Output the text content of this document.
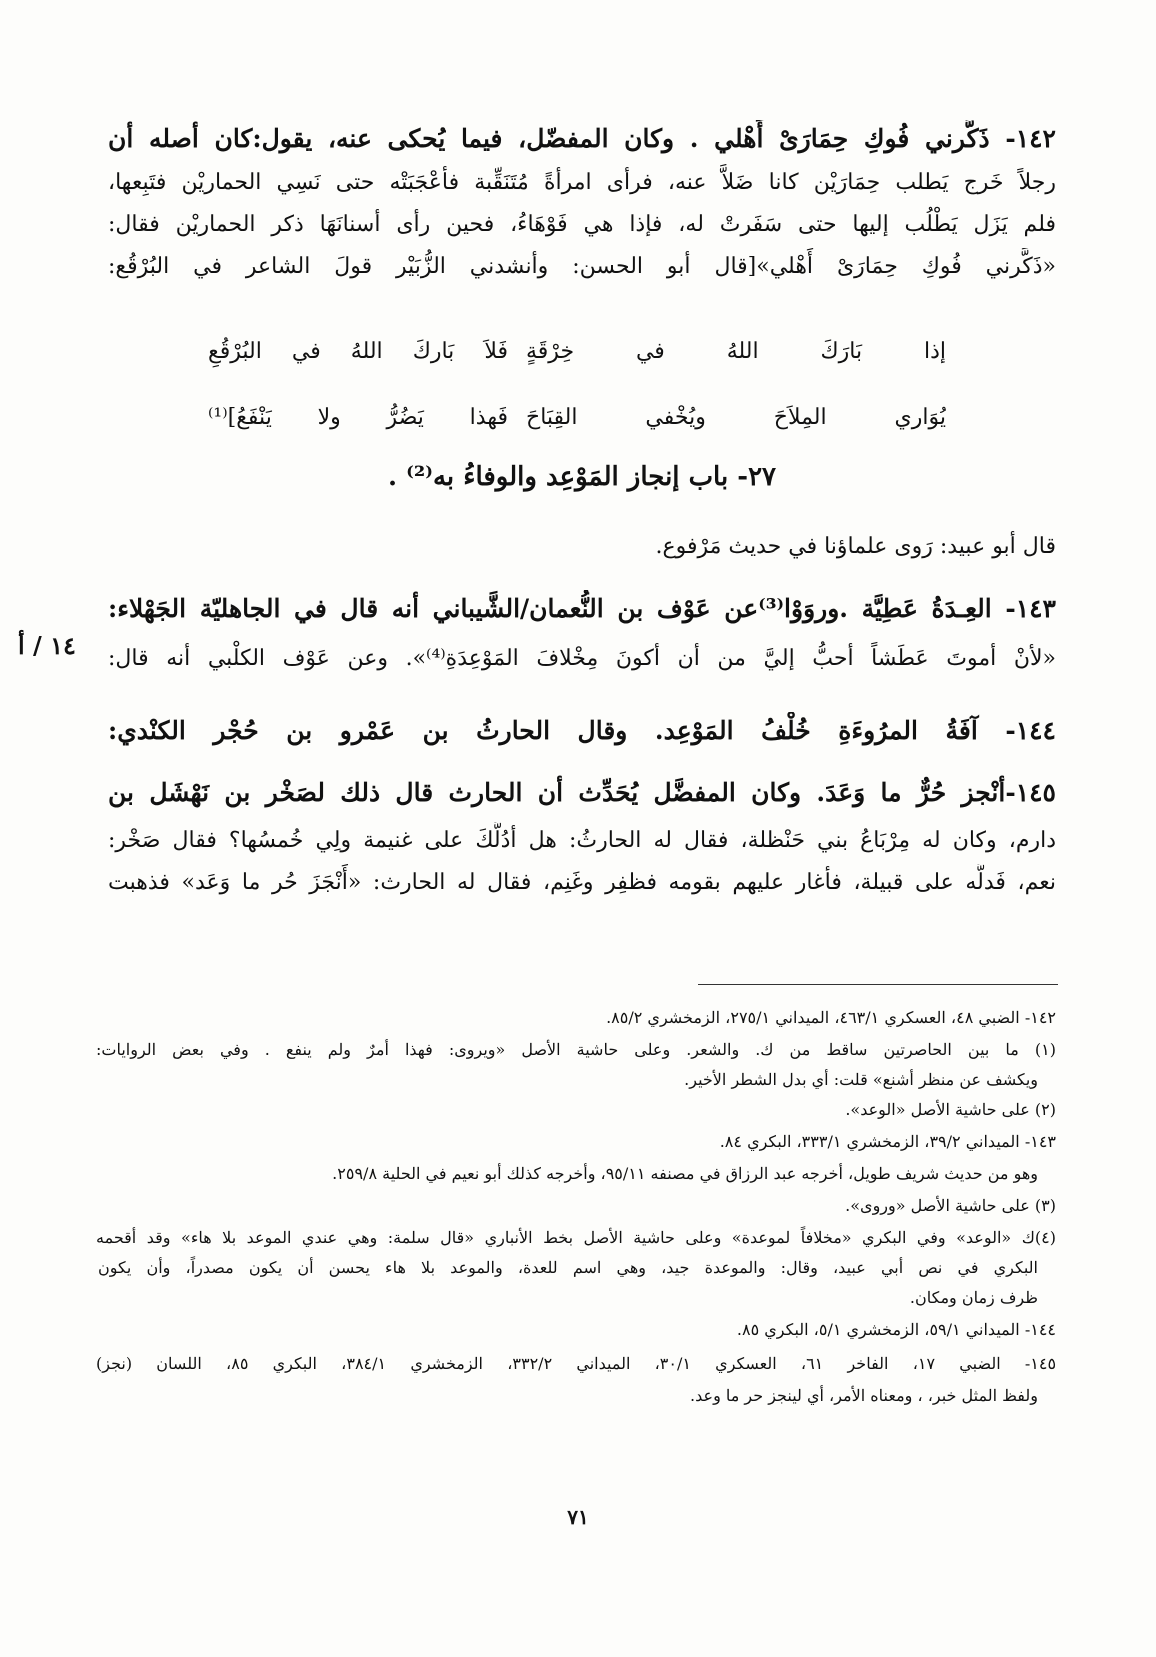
١٤٢- ذَكَّرني فُوكِ حِمَارَىْ أَهْلي . وكان المفضّل، فيما يُحكى عنه، يقول:كان أصله أن
رجلاً خَرج يَطلب حِمَارَيْن كانا ضَلاَّ عنه، فرأى امرأةً مُتَنَقِّبة فأعْجَبَتْه حتى نَسِي الحماريْن فتَبِعها،
فلم يَزَل يَطْلُب إليها حتى سَفَرتْ له، فإذا هي فَوْهَاءُ، فحين رأى أسنانَهَا ذكر الحماريْن فقال:
«ذَكَّرني فُوكِ حِمَارَىْ أَهْلي»[قال أبو الحسن: وأنشدني الزُّبَيْر قولَ الشاعر في البُرْقُع:
إذا بَارَكَ اللهُ في خِرْقَةٍ
فَلاَ بَاركَ اللهُ في البُرْقُعِ
يُوَاري المِلاَحَ ويُخْفي القِبَاحَ
فَهذا يَضُرُّ ولا يَنْفَعُ]⁽¹⁾
٢٧- باب إنجاز المَوْعِد والوفاءُ به⁽²⁾ .
قال أبو عبيد: رَوى علماؤنا في حديث مَرْفوع.
١٤٣- العِـدَةُ عَطِيَّة .وروَوْا⁽³⁾عن عَوْف بن النُّعمان/الشَّيباني أنه قال في الجاهليّة الجَهْلاء:
«لأنْ أموتَ عَطَشاً أحبُّ إليَّ من أن أكونَ مِخْلافَ المَوْعِدَةِ⁽⁴⁾». وعن عَوْف الكلْبي أنه قال:
١٤٤- آفَةُ المرُوءَةِ خُلْفُ المَوْعِد. وقال الحارثُ بن عَمْرو بن حُجْر الكنْدي:
١٤٥-أنْجز حُرٌّ ما وَعَدَ. وكان المفضَّل يُحَدِّث أن الحارث قال ذلك لصَخْر بن نَهْشَل بن
دارم، وكان له مِرْبَاعُ بني حَنْظلة، فقال له الحارثُ: هل أدُلُّكَ على غنيمة ولِي خُمسُها؟ فقال صَخْر:
نعم، فَدلَّه على قبيلة، فأغار عليهم بقومه فظفِر وغَنِم، فقال له الحارث: «أَنْجَزَ حُر ما وَعَد» فذهبت
١٤ / أ
١٤٢- الضبي ٤٨، العسكري ٤٦٣/١، الميداني ٢٧٥/١، الزمخشري ٨٥/٢.
(١) ما بين الحاصرتين ساقط من ك. والشعر. وعلى حاشية الأصل «ويروى: فهذا أمرٌ ولم ينفع . وفي بعض الروايات:
ويكشف عن منظر أشنع» قلت: أي بدل الشطر الأخير.
(٢) على حاشية الأصل «الوعد».
١٤٣- الميداني ٣٩/٢، الزمخشري ٣٣٣/١، البكري ٨٤.
وهو من حديث شريف طويل، أخرجه عبد الرزاق في مصنفه ٩٥/١١، وأخرجه كذلك أبو نعيم في الحلية ٢٥٩/٨.
(٣) على حاشية الأصل «وروى».
(٤)ك «الوعد» وفي البكري «مخلافاً لموعدة» وعلى حاشية الأصل بخط الأنباري «قال سلمة: وهي عندي الموعد بلا هاء» وقد أقحمه
البكري في نص أبي عبيد، وقال: والموعدة جيد، وهي اسم للعدة، والموعد بلا هاء يحسن أن يكون مصدراً، وأن يكون
ظرف زمان ومكان.
١٤٤- الميداني ٥٩/١، الزمخشري ٥/١، البكري ٨٥.
١٤٥- الضبي ١٧، الفاخر ٦١، العسكري ٣٠/١، الميداني ٣٣٢/٢، الزمخشري ٣٨٤/١، البكري ٨٥، اللسان (نجز)
ولفظ المثل خبر، ، ومعناه الأمر، أي لينجز حر ما وعد.
٧١
